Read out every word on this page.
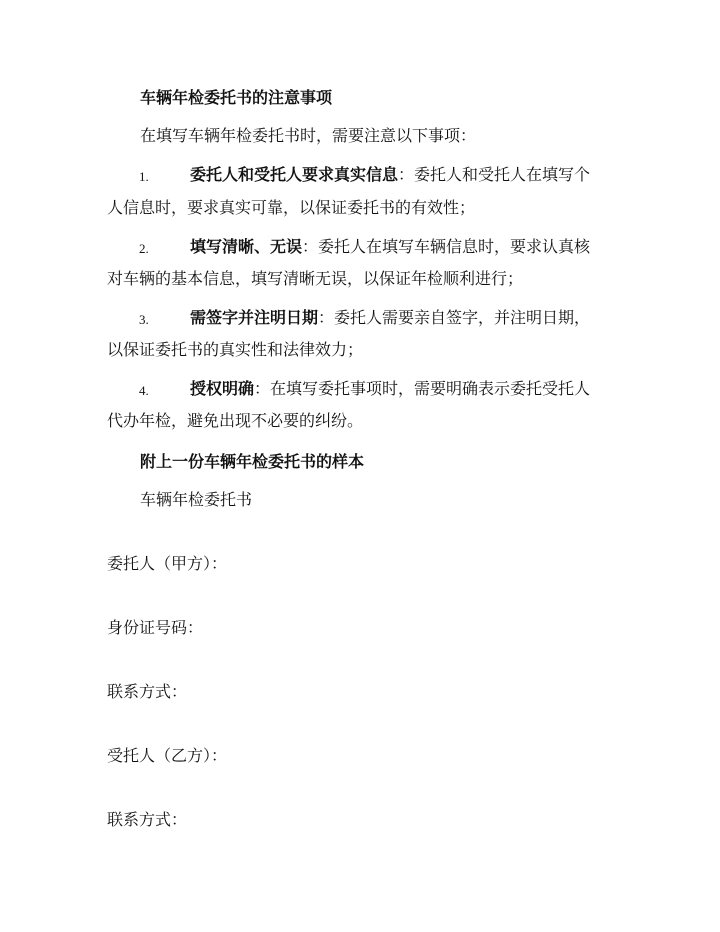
车辆年检委托书的注意事项
在填写车辆年检委托书时，需要注意以下事项：
1.	委托人和受托人要求真实信息：委托人和受托人在填写个
人信息时，要求真实可靠，以保证委托书的有效性；
2.	填写清晰、无误：委托人在填写车辆信息时，要求认真核
对车辆的基本信息，填写清晰无误，以保证年检顺利进行；
3.	需签字并注明日期：委托人需要亲自签字，并注明日期，
以保证委托书的真实性和法律效力；
4.	授权明确：在填写委托事项时，需要明确表示委托受托人
代办年检，避免出现不必要的纠纷。
附上一份车辆年检委托书的样本
车辆年检委托书
委托人（甲方）：
身份证号码：
联系方式：
受托人（乙方）：
联系方式：
